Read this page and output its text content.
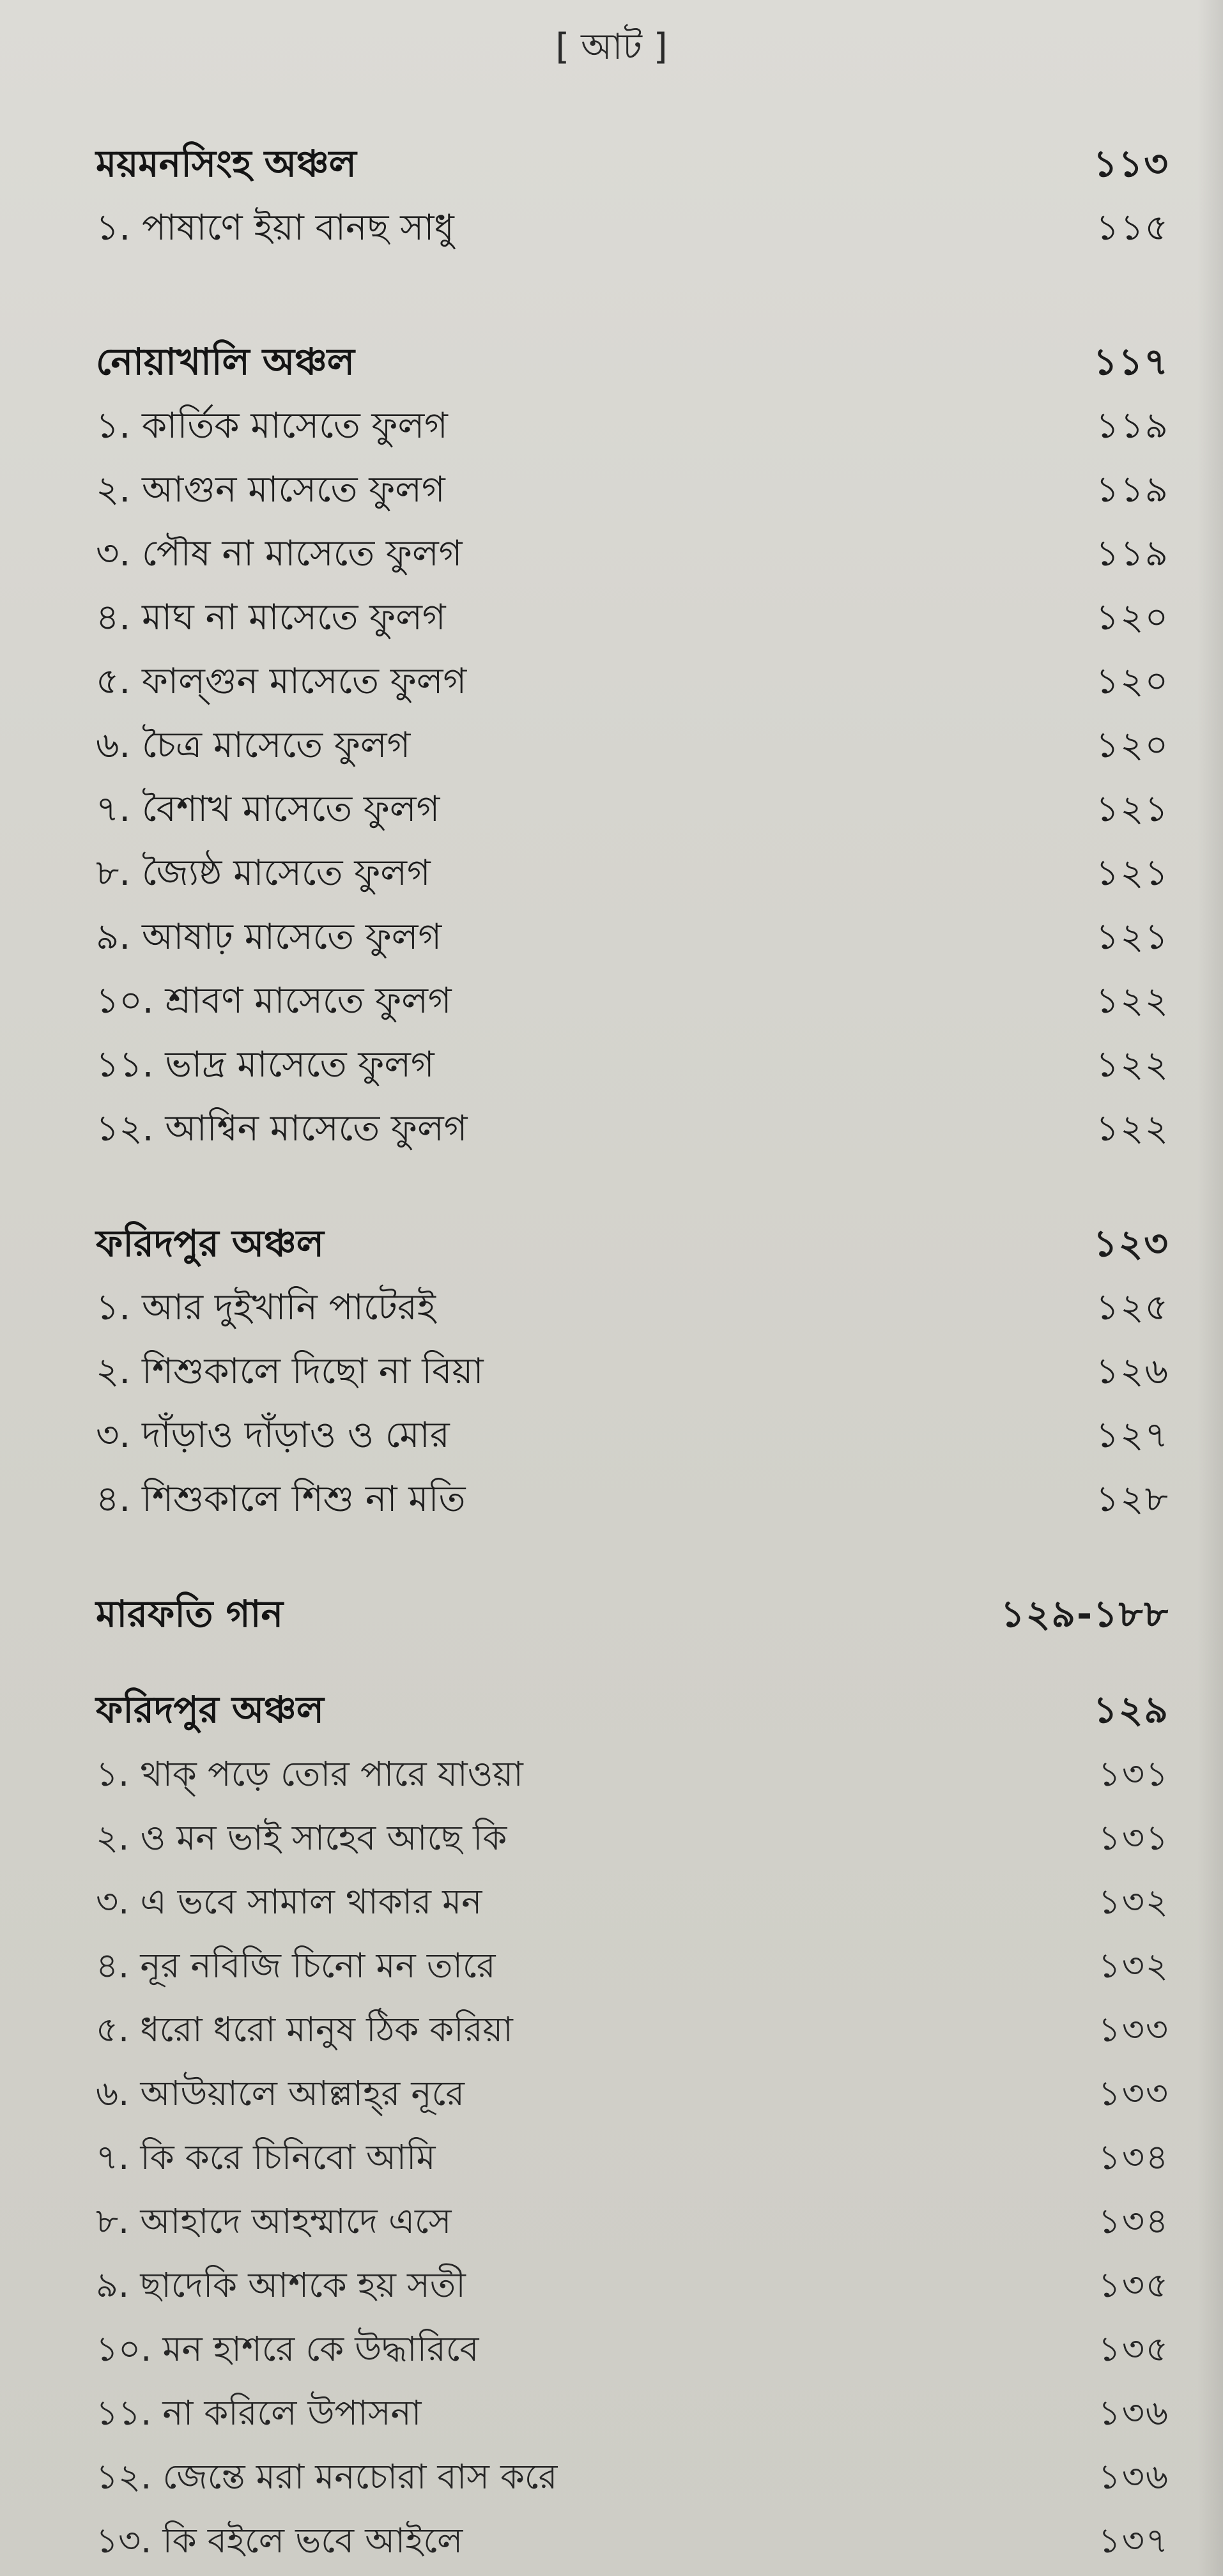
[ আট ]
ময়মনসিংহ অঞ্চল	১১৩
১. পাষাণে ইয়া বানছ সাধু	১১৫
নোয়াখালি অঞ্চল	১১৭
১. কার্তিক মাসেতে ফুলগ	১১৯
২. আগুন মাসেতে ফুলগ	১১৯
৩. পৌষ না মাসেতে ফুলগ	১১৯
৪. মাঘ না মাসেতে ফুলগ	১২০
৫. ফাল্গুন মাসেতে ফুলগ	১২০
৬. চৈত্র মাসেতে ফুলগ	১২০
৭. বৈশাখ মাসেতে ফুলগ	১২১
৮. জ্যৈষ্ঠ মাসেতে ফুলগ	১২১
৯. আষাঢ় মাসেতে ফুলগ	১২১
১০. শ্রাবণ মাসেতে ফুলগ	১২২
১১. ভাদ্র মাসেতে ফুলগ	১২২
১২. আশ্বিন মাসেতে ফুলগ	১২২
ফরিদপুর অঞ্চল	১২৩
১. আর দুইখানি পাটেরই	১২৫
২. শিশুকালে দিছো না বিয়া	১২৬
৩. দাঁড়াও দাঁড়াও ও মোর	১২৭
৪. শিশুকালে শিশু না মতি	১২৮
মারফতি গান	১২৯-১৮৮
ফরিদপুর অঞ্চল	১২৯
১. থাক্‌ পড়ে তোর পারে যাওয়া	১৩১
২. ও মন ভাই সাহেব আছে কি	১৩১
৩. এ ভবে সামাল থাকার মন	১৩২
৪. নূর নবিজি চিনো মন তারে	১৩২
৫. ধরো ধরো মানুষ ঠিক করিয়া	১৩৩
৬. আউয়ালে আল্লাহ্‌র নূরে	১৩৩
৭. কি করে চিনিবো আমি	১৩৪
৮. আহাদে আহম্মাদে এসে	১৩৪
৯. ছাদেকি আশকে হয় সতী	১৩৫
১০. মন হাশরে কে উদ্ধারিবে	১৩৫
১১. না করিলে উপাসনা	১৩৬
১২. জেন্তে মরা মনচোরা বাস করে	১৩৬
১৩. কি বইলে ভবে আইলে	১৩৭
